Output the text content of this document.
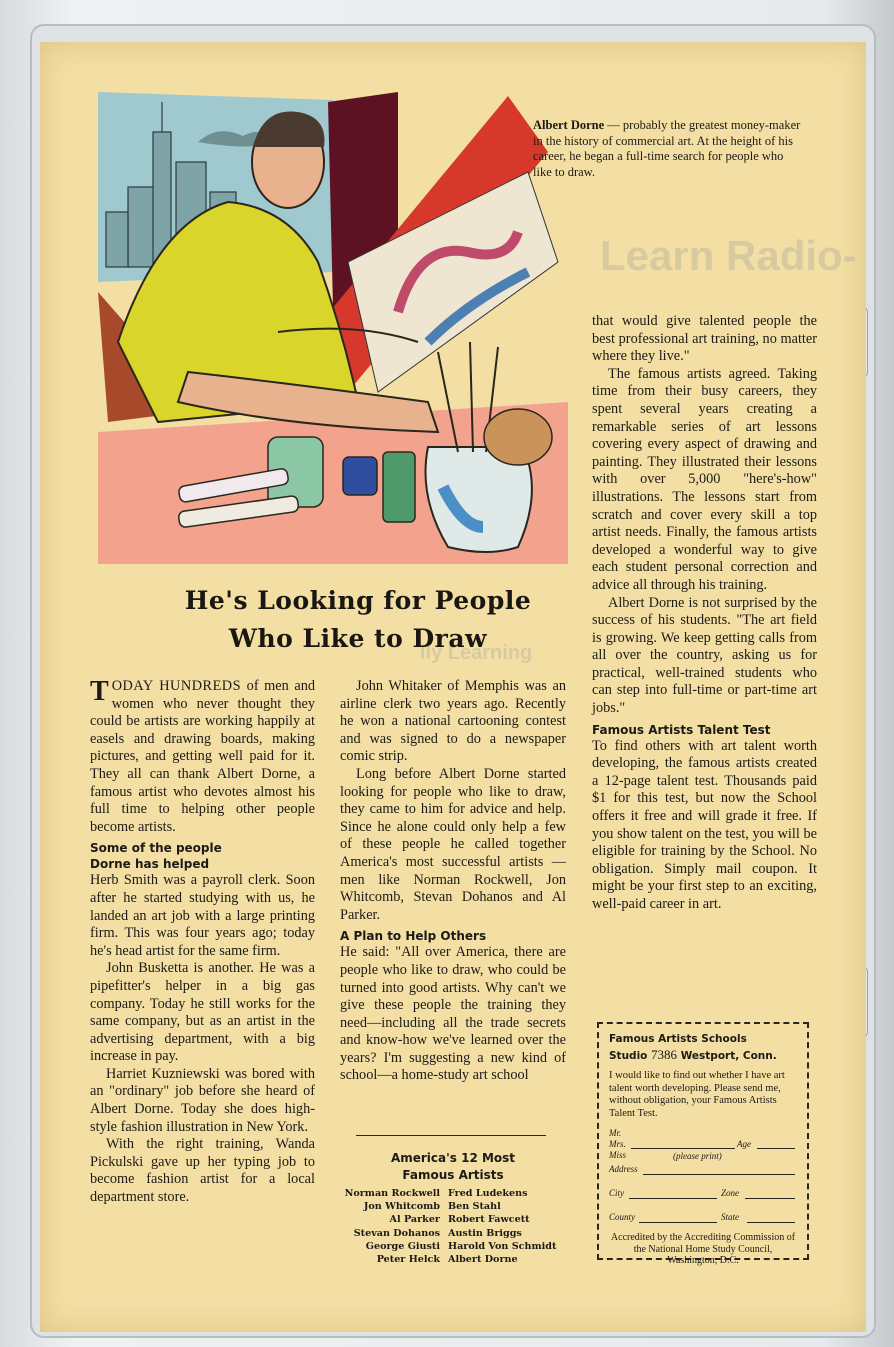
Learn Radio-
lly Learning
Albert Dorne — probably the greatest money-maker in the history of commercial art. At the height of his career, he began a full-time search for people who like to draw.
He's Looking for People
Who Like to Draw

TODAY HUNDREDS of men and women who never thought they could be artists are working happily at easels and drawing boards, making pictures, and getting well paid for it. They all can thank Albert Dorne, a famous artist who devotes almost his full time to helping other people become artists.

Some of the people
Dorne has helped

Herb Smith was a payroll clerk. Soon after he started studying with us, he landed an art job with a large printing firm. This was four years ago; today he's head artist for the same firm.

John Busketta is another. He was a pipefitter's helper in a big gas company. Today he still works for the same company, but as an artist in the advertising department, with a big increase in pay.

Harriet Kuzniewski was bored with an "ordinary" job before she heard of Albert Dorne. Today she does high-style fashion illustration in New York.

With the right training, Wanda Pickulski gave up her typing job to become fashion artist for a local department store.

John Whitaker of Memphis was an airline clerk two years ago. Recently he won a national cartooning contest and was signed to do a newspaper comic strip.

Long before Albert Dorne started looking for people who like to draw, they came to him for advice and help. Since he alone could only help a few of these people he called together America's most successful artists —men like Norman Rockwell, Jon Whitcomb, Stevan Dohanos and Al Parker.

A Plan to Help Others

He said: "All over America, there are people who like to draw, who could be turned into good artists. Why can't we give these people the training they need—including all the trade secrets and know-how we've learned over the years? I'm suggesting a new kind of school—a home-study art school

America's 12 Most
Famous Artists
Norman Rockwell Fred Ludekens
Jon Whitcomb Ben Stahl
Al Parker Robert Fawcett
Stevan Dohanos Austin Briggs
George Giusti Harold Von Schmidt
Peter Helck Albert Dorne

that would give talented people the best professional art training, no matter where they live."

The famous artists agreed. Taking time from their busy careers, they spent several years creating a remarkable series of art lessons covering every aspect of drawing and painting. They illustrated their lessons with over 5,000 "here's-how" illustrations. The lessons start from scratch and cover every skill a top artist needs. Finally, the famous artists developed a wonderful way to give each student personal correction and advice all through his training.

Albert Dorne is not surprised by the success of his students. "The art field is growing. We keep getting calls from all over the country, asking us for practical, well-trained students who can step into full-time or part-time art jobs."

Famous Artists Talent Test

To find others with art talent worth developing, the famous artists created a 12-page talent test. Thousands paid $1 for this test, but now the School offers it free and will grade it free. If you show talent on the test, you will be eligible for training by the School. No obligation. Simply mail coupon. It might be your first step to an exciting, well-paid career in art.

Famous Artists Schools
Studio 7386 Westport, Conn.
I would like to find out whether I have art talent worth developing. Please send me, without obligation, your Famous Artists Talent Test.
Mr.
Mrs.
Miss
Age
(please print)
Address
City	Zone
County	State
Accredited by the Accrediting Commission of the National Home Study Council, Washington, D.C.
